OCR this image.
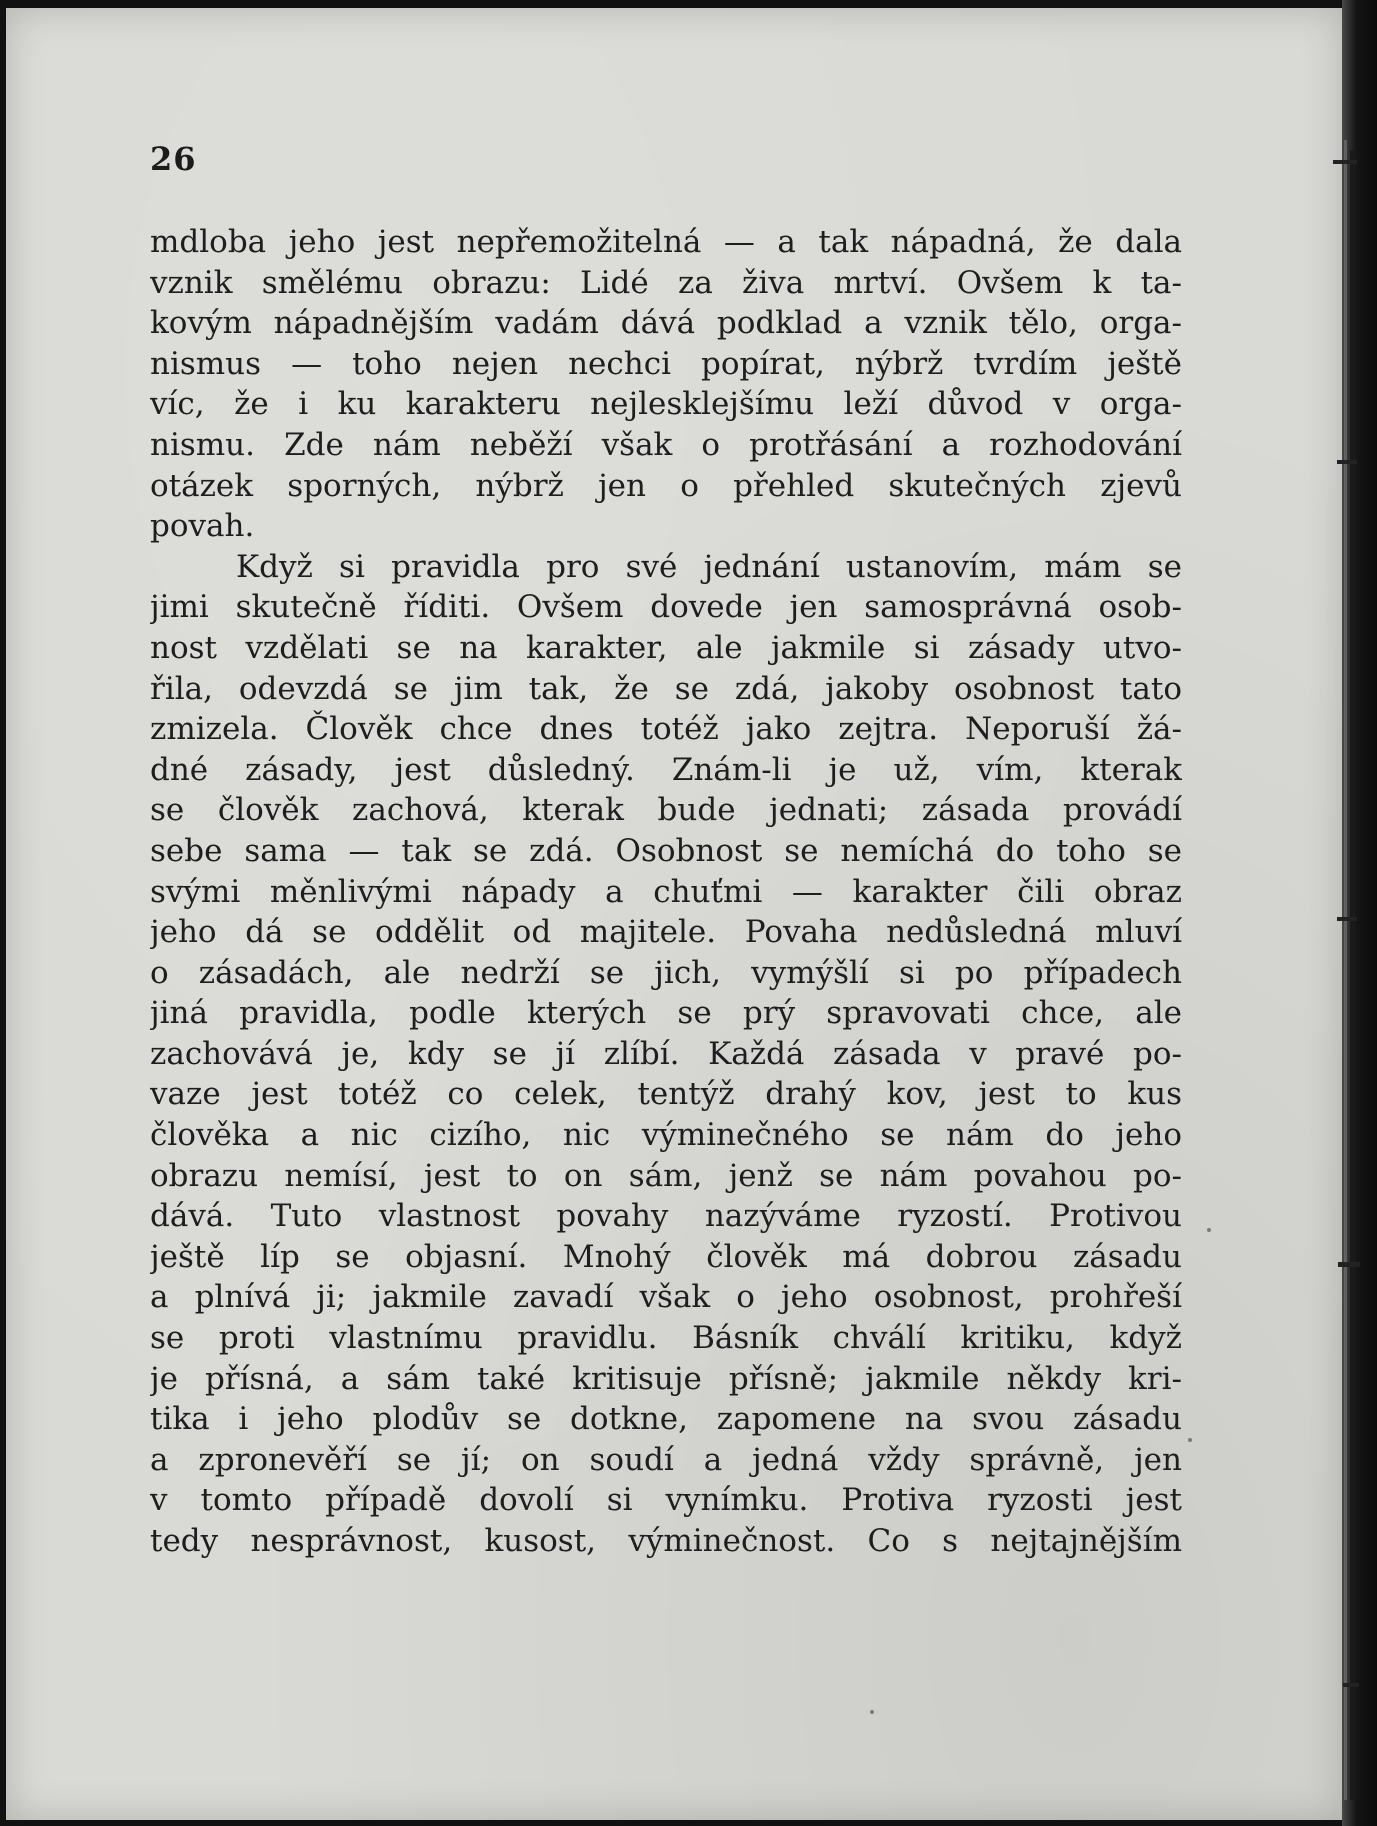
26
mdloba jeho jest nepřemožitelná — a tak nápadná, že dala
vznik smělému obrazu: Lidé za živa mrtví. Ovšem k ta-
kovým nápadnějším vadám dává podklad a vznik tělo, orga-
nismus — toho nejen nechci popírat, nýbrž tvrdím ještě
víc, že i ku karakteru nejlesklejšímu leží důvod v orga-
nismu. Zde nám neběží však o protřásání a rozhodování
otázek sporných, nýbrž jen o přehled skutečných zjevů
povah.
Když si pravidla pro své jednání ustanovím, mám se
jimi skutečně říditi. Ovšem dovede jen samosprávná osob-
nost vzdělati se na karakter, ale jakmile si zásady utvo-
řila, odevzdá se jim tak, že se zdá, jakoby osobnost tato
zmizela. Člověk chce dnes totéž jako zejtra. Neporuší žá-
dné zásady, jest důsledný. Znám-li je už, vím, kterak
se člověk zachová, kterak bude jednati; zásada provádí
sebe sama — tak se zdá. Osobnost se nemíchá do toho se
svými měnlivými nápady a chuťmi — karakter čili obraz
jeho dá se oddělit od majitele. Povaha nedůsledná mluví
o zásadách, ale nedrží se jich, vymýšlí si po případech
jiná pravidla, podle kterých se prý spravovati chce, ale
zachovává je, kdy se jí zlíbí. Každá zásada v pravé po-
vaze jest totéž co celek, tentýž drahý kov, jest to kus
člověka a nic cizího, nic výminečného se nám do jeho
obrazu nemísí, jest to on sám, jenž se nám povahou po-
dává. Tuto vlastnost povahy nazýváme ryzostí. Protivou
ještě líp se objasní. Mnohý člověk má dobrou zásadu
a plnívá ji; jakmile zavadí však o jeho osobnost, prohřeší
se proti vlastnímu pravidlu. Básník chválí kritiku, když
je přísná, a sám také kritisuje přísně; jakmile někdy kri-
tika i jeho plodův se dotkne, zapomene na svou zásadu
a zpronevěří se jí; on soudí a jedná vždy správně, jen
v tomto případě dovolí si vynímku. Protiva ryzosti jest
tedy nesprávnost, kusost, výminečnost. Co s nejtajnějším
